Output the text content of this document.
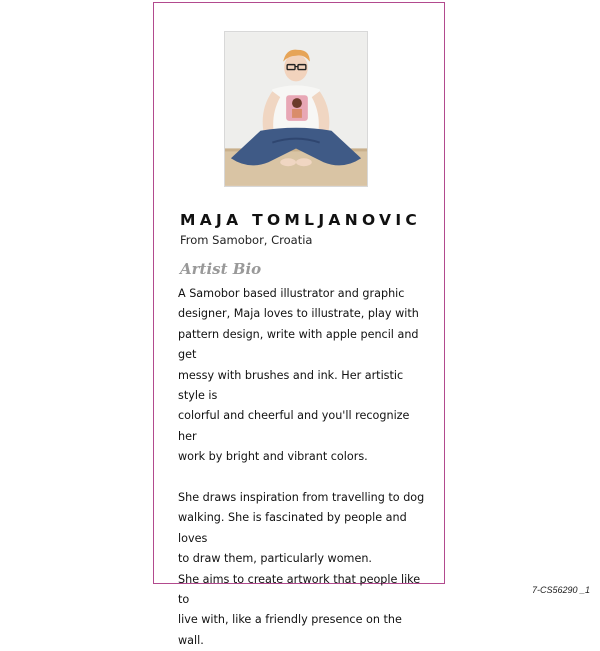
MAJA TOMLJANOVIC

From Samobor, Croatia

Artist Bio

A Samobor based illustrator and graphic

designer, Maja loves to illustrate, play with

pattern design, write with apple pencil and get

messy with brushes and ink. Her artistic style is

colorful and cheerful and you'll recognize her

work by bright and vibrant colors.

She draws inspiration from travelling to dog

walking. She is fascinated by people and loves

to draw them, particularly women.

She aims to create artwork that people like to

live with, like a friendly presence on the wall.

7-CS56290 _1
